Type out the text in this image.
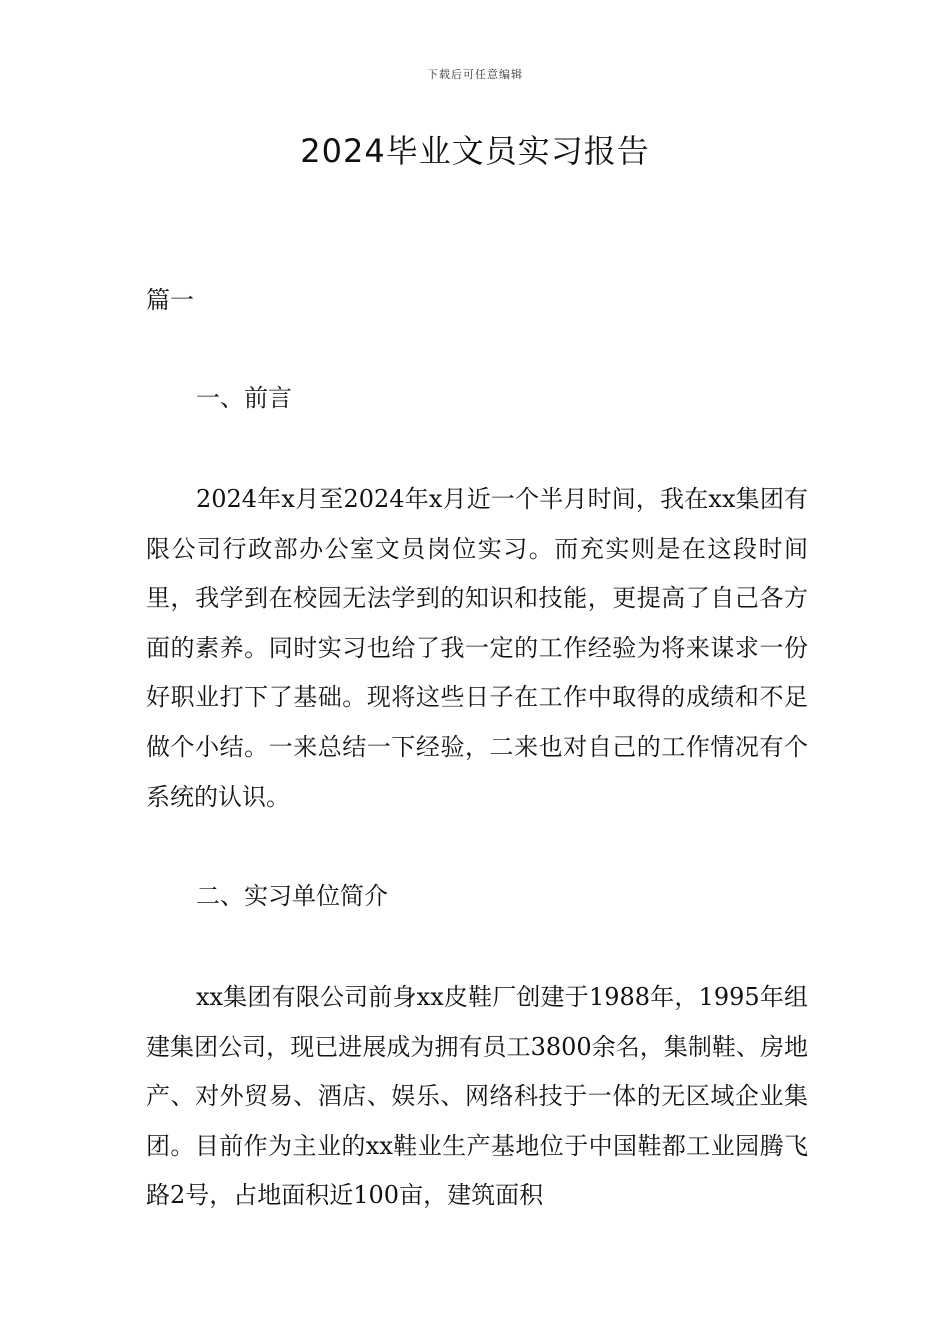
下载后可任意编辑
2024毕业文员实习报告

篇一

一、前言

2024年x月至2024年x月近一个半月时间，我在xx集团有限公司行政部办公室文员岗位实习。而充实则是在这段时间里，我学到在校园无法学到的知识和技能，更提高了自己各方面的素养。同时实习也给了我一定的工作经验为将来谋求一份好职业打下了基础。现将这些日子在工作中取得的成绩和不足做个小结。一来总结一下经验，二来也对自己的工作情况有个系统的认识。

二、实习单位简介

xx集团有限公司前身xx皮鞋厂创建于1988年，1995年组建集团公司，现已进展成为拥有员工3800余名，集制鞋、房地产、对外贸易、酒店、娱乐、网络科技于一体的无区域企业集团。目前作为主业的xx鞋业生产基地位于中国鞋都工业园腾飞路2号，占地面积近100亩，建筑面积
